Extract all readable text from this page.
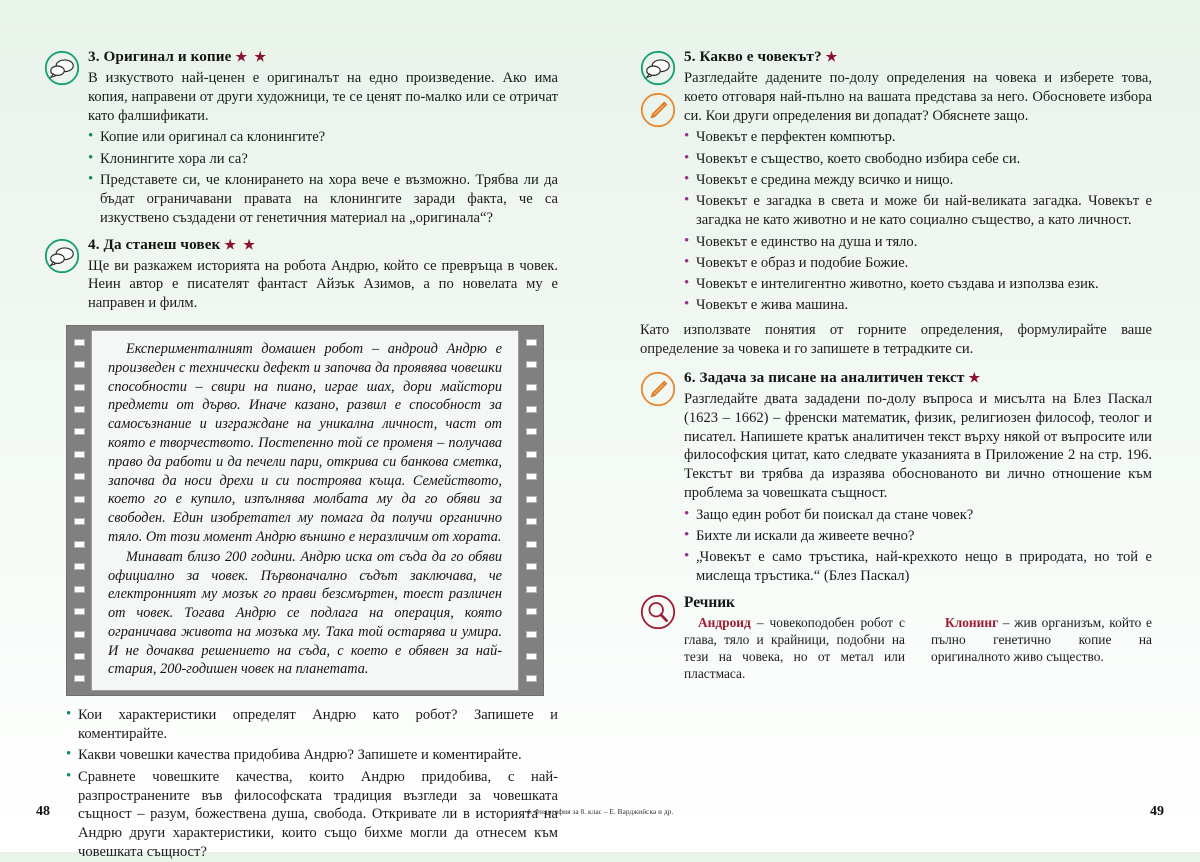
3. Оригинал и копие ★ ★

В изкуството най-ценен е оригиналът на едно произведение. Ако има копия, направени от други художници, те се ценят по-малко или се отричат като фалшификати.

• Копие или оригинал са клонингите?
• Клонингите хора ли са?
• Представете си, че клонирането на хора вече е възможно. Трябва ли да бъдат ограничавани правата на клонингите заради факта, че са изкуствено създадени от генетичния материал на „оригинала“?
4. Да станеш човек ★ ★

Ще ви разкажем историята на робота Андрю, който се превръща в човек. Неин автор е писателят фантаст Айзък Азимов, а по новелата му е направен и филм.

Експерименталният домашен робот – андроид Андрю е произведен с технически дефект и започва да проявява човешки способности – свири на пиано, играе шах, дори майстори предмети от дърво. Иначе казано, развил е способност за самосъзнание и изграждане на уникална личност, част от която е творчеството. Постепенно той се променя – получава право да работи и да печели пари, открива си банкова сметка, започва да носи дрехи и си построява къща. Семейството, което го е купило, изпълнява молбата му да го обяви за свободен. Един изобретател му помага да получи органично тяло. От този момент Андрю външно е неразличим от хората.

Минават близо 200 години. Андрю иска от съда да го обяви официално за човек. Първоначално съдът заключава, че електронният му мозък го прави безсмъртен, тоест различен от човек. Тогава Андрю се подлага на операция, която ограничава живота на мозъка му. Така той остарява и умира. И не дочаква решението на съда, с което е обявен за най-стария, 200-годишен човек на планетата.

• Кои характеристики определят Андрю като робот? Запишете и коментирайте.
• Какви човешки качества придобива Андрю? Запишете и коментирайте.
• Сравнете човешките качества, които Андрю придобива, с най-разпространените във философската традиция възгледи за човешката същност – разум, божествена душа, свобода. Откривате ли в историята на Андрю други характеристики, които също бихме могли да отнесем към човешката същност?
48
5. Какво е човекът? ★

Разгледайте дадените по-долу определения на човека и изберете това, което отговаря най-пълно на вашата представа за него. Обосновете избора си. Кои други определения ви допадат? Обяснете защо.

• Човекът е перфектен компютър.
• Човекът е същество, което свободно избира себе си.
• Човекът е средина между всичко и нищо.
• Човекът е загадка в света и може би най-великата загадка. Човекът е загадка не като животно и не като социално същество, а като личност.
• Човекът е единство на душа и тяло.
• Човекът е образ и подобие Божие.
• Човекът е интелигентно животно, което създава и използва език.
• Човекът е жива машина.

Като използвате понятия от горните определения, формулирайте ваше определение за човека и го запишете в тетрадките си.

6. Задача за писане на аналитичен текст ★

Разгледайте двата зададени по-долу въпроса и мисълта на Блез Паскал (1623 – 1662) – френски математик, физик, религиозен философ, теолог и писател. Напишете кратък аналитичен текст върху някой от въпросите или философския цитат, като следвате указанията в Приложение 2 на стр. 196. Текстът ви трябва да изразява обоснованото ви лично отношение към проблема за човешката същност.

• Защо един робот би поискал да стане човек?
• Бихте ли искали да живеете вечно?
• „Човекът е само тръстика, най-крехкото нещо в природата, но той е мислеща тръстика.“ (Блез Паскал)
Речник

Андроид – човекоподобен робот с глава, тяло и крайници, подобни на тези на човека, но от метал или пластмаса.

Клонинг – жив организъм, който е пълно генетично копие на оригиналното живо същество.

49
4. Философия за 8. клас – Е. Варджийска и др.
